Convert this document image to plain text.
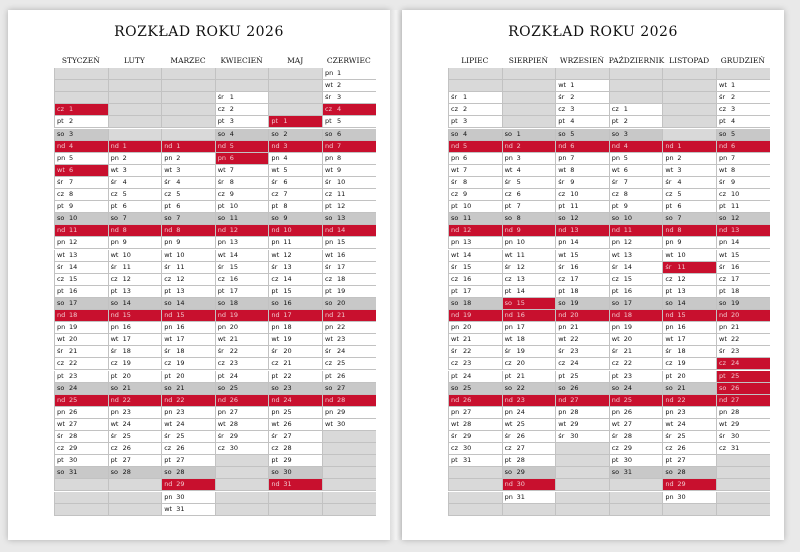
ROZKŁAD ROKU 2026
STYCZEŃ
cz 1
pt 2
so 3
nd 4
pn 5
wt 6
śr 7
cz 8
pt 9
so 10
nd 11
pn 12
wt 13
śr 14
cz 15
pt 16
so 17
nd 18
pn 19
wt 20
śr 21
cz 22
pt 23
so 24
nd 25
pn 26
wt 27
śr 28
cz 29
pt 30
so 31
LUTY
nd 1
pn 2
wt 3
śr 4
cz 5
pt 6
so 7
nd 8
pn 9
wt 10
śr 11
cz 12
pt 13
so 14
nd 15
pn 16
wt 17
śr 18
cz 19
pt 20
so 21
nd 22
pn 23
wt 24
śr 25
cz 26
pt 27
so 28
MARZEC
nd 1
pn 2
wt 3
śr 4
cz 5
pt 6
so 7
nd 8
pn 9
wt 10
śr 11
cz 12
pt 13
so 14
nd 15
pn 16
wt 17
śr 18
cz 19
pt 20
so 21
nd 22
pn 23
wt 24
śr 25
cz 26
pt 27
so 28
nd 29
pn 30
wt 31
KWIECIEŃ
śr 1
cz 2
pt 3
so 4
nd 5
pn 6
wt 7
śr 8
cz 9
pt 10
so 11
nd 12
pn 13
wt 14
śr 15
cz 16
pt 17
so 18
nd 19
pn 20
wt 21
śr 22
cz 23
pt 24
so 25
nd 26
pn 27
wt 28
śr 29
cz 30
MAJ
pt 1
so 2
nd 3
pn 4
wt 5
śr 6
cz 7
pt 8
so 9
nd 10
pn 11
wt 12
śr 13
cz 14
pt 15
so 16
nd 17
pn 18
wt 19
śr 20
cz 21
pt 22
so 23
nd 24
pn 25
wt 26
śr 27
cz 28
pt 29
so 30
nd 31
CZERWIEC
pn 1
wt 2
śr 3
cz 4
pt 5
so 6
nd 7
pn 8
wt 9
śr 10
cz 11
pt 12
so 13
nd 14
pn 15
wt 16
śr 17
cz 18
pt 19
so 20
nd 21
pn 22
wt 23
śr 24
cz 25
pt 26
so 27
nd 28
pn 29
wt 30
ROZKŁAD ROKU 2026
LIPIEC
śr 1
cz 2
pt 3
so 4
nd 5
pn 6
wt 7
śr 8
cz 9
pt 10
so 11
nd 12
pn 13
wt 14
śr 15
cz 16
pt 17
so 18
nd 19
pn 20
wt 21
śr 22
cz 23
pt 24
so 25
nd 26
pn 27
wt 28
śr 29
cz 30
pt 31
SIERPIEŃ
so 1
nd 2
pn 3
wt 4
śr 5
cz 6
pt 7
so 8
nd 9
pn 10
wt 11
śr 12
cz 13
pt 14
so 15
nd 16
pn 17
wt 18
śr 19
cz 20
pt 21
so 22
nd 23
pn 24
wt 25
śr 26
cz 27
pt 28
so 29
nd 30
pn 31
WRZESIEŃ
wt 1
śr 2
cz 3
pt 4
so 5
nd 6
pn 7
wt 8
śr 9
cz 10
pt 11
so 12
nd 13
pn 14
wt 15
śr 16
cz 17
pt 18
so 19
nd 20
pn 21
wt 22
śr 23
cz 24
pt 25
so 26
nd 27
pn 28
wt 29
śr 30
PAŹDZIERNIK
cz 1
pt 2
so 3
nd 4
pn 5
wt 6
śr 7
cz 8
pt 9
so 10
nd 11
pn 12
wt 13
śr 14
cz 15
pt 16
so 17
nd 18
pn 19
wt 20
śr 21
cz 22
pt 23
so 24
nd 25
pn 26
wt 27
śr 28
cz 29
pt 30
so 31
LISTOPAD
nd 1
pn 2
wt 3
śr 4
cz 5
pt 6
so 7
nd 8
pn 9
wt 10
śr 11
cz 12
pt 13
so 14
nd 15
pn 16
wt 17
śr 18
cz 19
pt 20
so 21
nd 22
pn 23
wt 24
śr 25
cz 26
pt 27
so 28
nd 29
pn 30
GRUDZIEŃ
wt 1
śr 2
cz 3
pt 4
so 5
nd 6
pn 7
wt 8
śr 9
cz 10
pt 11
so 12
nd 13
pn 14
wt 15
śr 16
cz 17
pt 18
so 19
nd 20
pn 21
wt 22
śr 23
cz 24
pt 25
so 26
nd 27
pn 28
wt 29
śr 30
cz 31
